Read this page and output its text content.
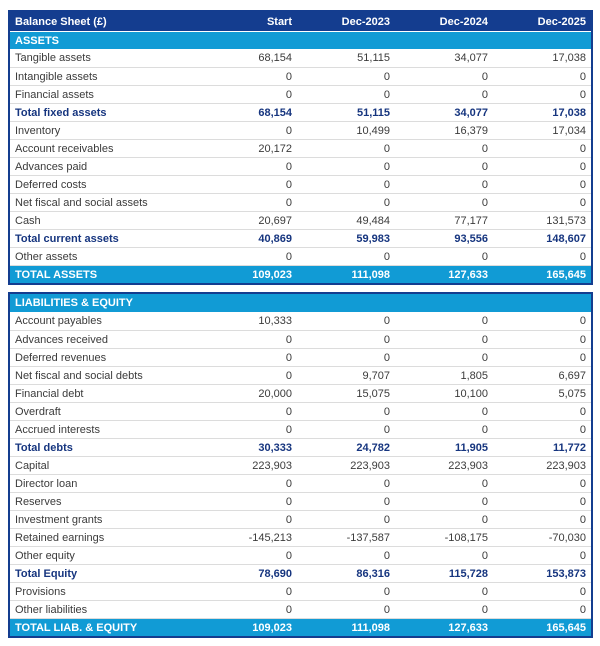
Balance Sheet (£)	Start	Dec-2023	Dec-2024	Dec-2025
ASSETS
Tangible assets	68,154	51,115	34,077	17,038
Intangible assets	0	0	0	0
Financial assets	0	0	0	0
Total fixed assets	68,154	51,115	34,077	17,038
Inventory	0	10,499	16,379	17,034
Account receivables	20,172	0	0	0
Advances paid	0	0	0	0
Deferred costs	0	0	0	0
Net fiscal and social assets	0	0	0	0
Cash	20,697	49,484	77,177	131,573
Total current assets	40,869	59,983	93,556	148,607
Other assets	0	0	0	0
TOTAL ASSETS	109,023	111,098	127,633	165,645
LIABILITIES & EQUITY
Account payables	10,333	0	0	0
Advances received	0	0	0	0
Deferred revenues	0	0	0	0
Net fiscal and social debts	0	9,707	1,805	6,697
Financial debt	20,000	15,075	10,100	5,075
Overdraft	0	0	0	0
Accrued interests	0	0	0	0
Total debts	30,333	24,782	11,905	11,772
Capital	223,903	223,903	223,903	223,903
Director loan	0	0	0	0
Reserves	0	0	0	0
Investment grants	0	0	0	0
Retained earnings	-145,213	-137,587	-108,175	-70,030
Other equity	0	0	0	0
Total Equity	78,690	86,316	115,728	153,873
Provisions	0	0	0	0
Other liabilities	0	0	0	0
TOTAL LIAB. & EQUITY	109,023	111,098	127,633	165,645
